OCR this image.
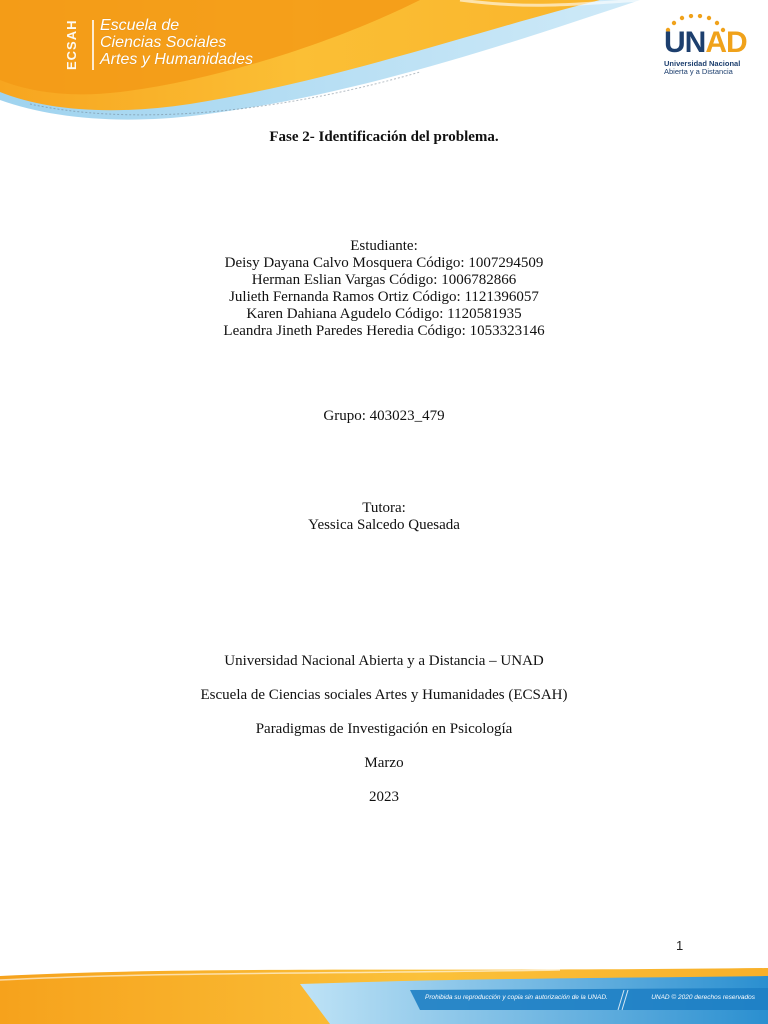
ECSAH	Escuela de
Ciencias Sociales
Artes y Humanidades
UNAD
Universidad Nacional
Abierta y a Distancia
Fase 2- Identificación del problema.
Estudiante:
Deisy Dayana Calvo Mosquera Código: 1007294509
Herman Eslian Vargas Código: 1006782866
Julieth Fernanda Ramos Ortiz Código: 1121396057
Karen Dahiana Agudelo Código: 1120581935
Leandra Jineth Paredes Heredia Código: 1053323146
Grupo: 403023_479
Tutora:
Yessica Salcedo Quesada
Universidad Nacional Abierta y a Distancia – UNAD
Escuela de Ciencias sociales Artes y Humanidades (ECSAH)
Paradigmas de Investigación en Psicología
Marzo
2023
1
Prohibida su reproducción y copia sin autorización de la UNAD.	UNAD © 2020 derechos reservados
